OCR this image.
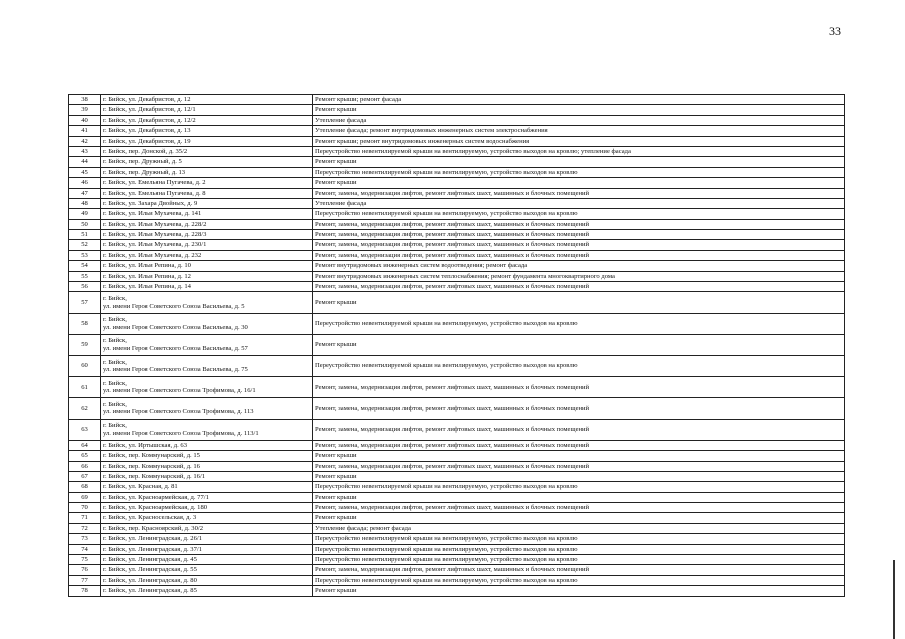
33
38	г. Бийск, ул. Декабристов, д. 12	Ремонт крыши; ремонт фасада
39	г. Бийск, ул. Декабристов, д. 12/1	Ремонт крыши
40	г. Бийск, ул. Декабристов, д. 12/2	Утепление фасада
41	г. Бийск, ул. Декабристов, д. 13	Утепление фасада; ремонт внутридомовых инженерных систем электроснабжения
42	г. Бийск, ул. Декабристов, д. 19	Ремонт крыши; ремонт внутридомовых инженерных систем водоснабжения
43	г. Бийск, пер. Донской, д. 35/2	Переустройство невентилируемой крыши на вентилируемую, устройство выходов на кровлю; утепление фасада
44	г. Бийск, пер. Дружный, д. 5	Ремонт крыши
45	г. Бийск, пер. Дружный, д. 13	Переустройство невентилируемой крыши на вентилируемую, устройство выходов на кровлю
46	г. Бийск, ул. Емельяна Пугачева, д. 2	Ремонт крыши
47	г. Бийск, ул. Емельяна Пугачева, д. 8	Ремонт, замена, модернизация лифтов, ремонт лифтовых шахт, машинных и блочных помещений
48	г. Бийск, ул. Захара Двойных, д. 9	Утепление фасада
49	г. Бийск, ул. Ильи Мухачева, д. 141	Переустройство невентилируемой крыши на вентилируемую, устройство выходов на кровлю
50	г. Бийск, ул. Ильи Мухачева, д. 228/2	Ремонт, замена, модернизация лифтов, ремонт лифтовых шахт, машинных и блочных помещений
51	г. Бийск, ул. Ильи Мухачева, д. 228/3	Ремонт, замена, модернизация лифтов, ремонт лифтовых шахт, машинных и блочных помещений
52	г. Бийск, ул. Ильи Мухачева, д. 230/1	Ремонт, замена, модернизация лифтов, ремонт лифтовых шахт, машинных и блочных помещений
53	г. Бийск, ул. Ильи Мухачева, д. 232	Ремонт, замена, модернизация лифтов, ремонт лифтовых шахт, машинных и блочных помещений
54	г. Бийск, ул. Ильи Репина, д. 10	Ремонт внутридомовых инженерных систем водоотведения; ремонт фасада
55	г. Бийск, ул. Ильи Репина, д. 12	Ремонт внутридомовых инженерных систем теплоснабжения; ремонт фундамента многоквартирного дома
56	г. Бийск, ул. Ильи Репина, д. 14	Ремонт, замена, модернизация лифтов, ремонт лифтовых шахт, машинных и блочных помещений
57	г. Бийск,
ул. имени Героя Советского Союза Васильева, д. 5	Ремонт крыши
58	г. Бийск,
ул. имени Героя Советского Союза Васильева, д. 30	Переустройство невентилируемой крыши на вентилируемую, устройство выходов на кровлю
59	г. Бийск,
ул. имени Героя Советского Союза Васильева, д. 57	Ремонт крыши
60	г. Бийск,
ул. имени Героя Советского Союза Васильева, д. 75	Переустройство невентилируемой крыши на вентилируемую, устройство выходов на кровлю
61	г. Бийск,
ул. имени Героя Советского Союза Трофимова, д. 16/1	Ремонт, замена, модернизация лифтов, ремонт лифтовых шахт, машинных и блочных помещений
62	г. Бийск,
ул. имени Героя Советского Союза Трофимова, д. 113	Ремонт, замена, модернизация лифтов, ремонт лифтовых шахт, машинных и блочных помещений
63	г. Бийск,
ул. имени Героя Советского Союза Трофимова, д. 113/1	Ремонт, замена, модернизация лифтов, ремонт лифтовых шахт, машинных и блочных помещений
64	г. Бийск, ул. Иртышская, д. 63	Ремонт, замена, модернизация лифтов, ремонт лифтовых шахт, машинных и блочных помещений
65	г. Бийск, пер. Коммунарский, д. 15	Ремонт крыши
66	г. Бийск, пер. Коммунарский, д. 16	Ремонт, замена, модернизация лифтов, ремонт лифтовых шахт, машинных и блочных помещений
67	г. Бийск, пер. Коммунарский, д. 16/1	Ремонт крыши
68	г. Бийск, ул. Красная, д. 81	Переустройство невентилируемой крыши на вентилируемую, устройство выходов на кровлю
69	г. Бийск, ул. Красноармейская, д. 77/1	Ремонт крыши
70	г. Бийск, ул. Красноармейская, д. 180	Ремонт, замена, модернизация лифтов, ремонт лифтовых шахт, машинных и блочных помещений
71	г. Бийск, ул. Красносельская, д. 3	Ремонт крыши
72	г. Бийск, пер. Красноярский, д. 30/2	Утепление фасада; ремонт фасада
73	г. Бийск, ул. Ленинградская, д. 26/1	Переустройство невентилируемой крыши на вентилируемую, устройство выходов на кровлю
74	г. Бийск, ул. Ленинградская, д. 37/1	Переустройство невентилируемой крыши на вентилируемую, устройство выходов на кровлю
75	г. Бийск, ул. Ленинградская, д. 45	Переустройство невентилируемой крыши на вентилируемую, устройство выходов на кровлю
76	г. Бийск, ул. Ленинградская, д. 55	Ремонт, замена, модернизация лифтов, ремонт лифтовых шахт, машинных и блочных помещений
77	г. Бийск, ул. Ленинградская, д. 80	Переустройство невентилируемой крыши на вентилируемую, устройство выходов на кровлю
78	г. Бийск, ул. Ленинградская, д. 85	Ремонт крыши
